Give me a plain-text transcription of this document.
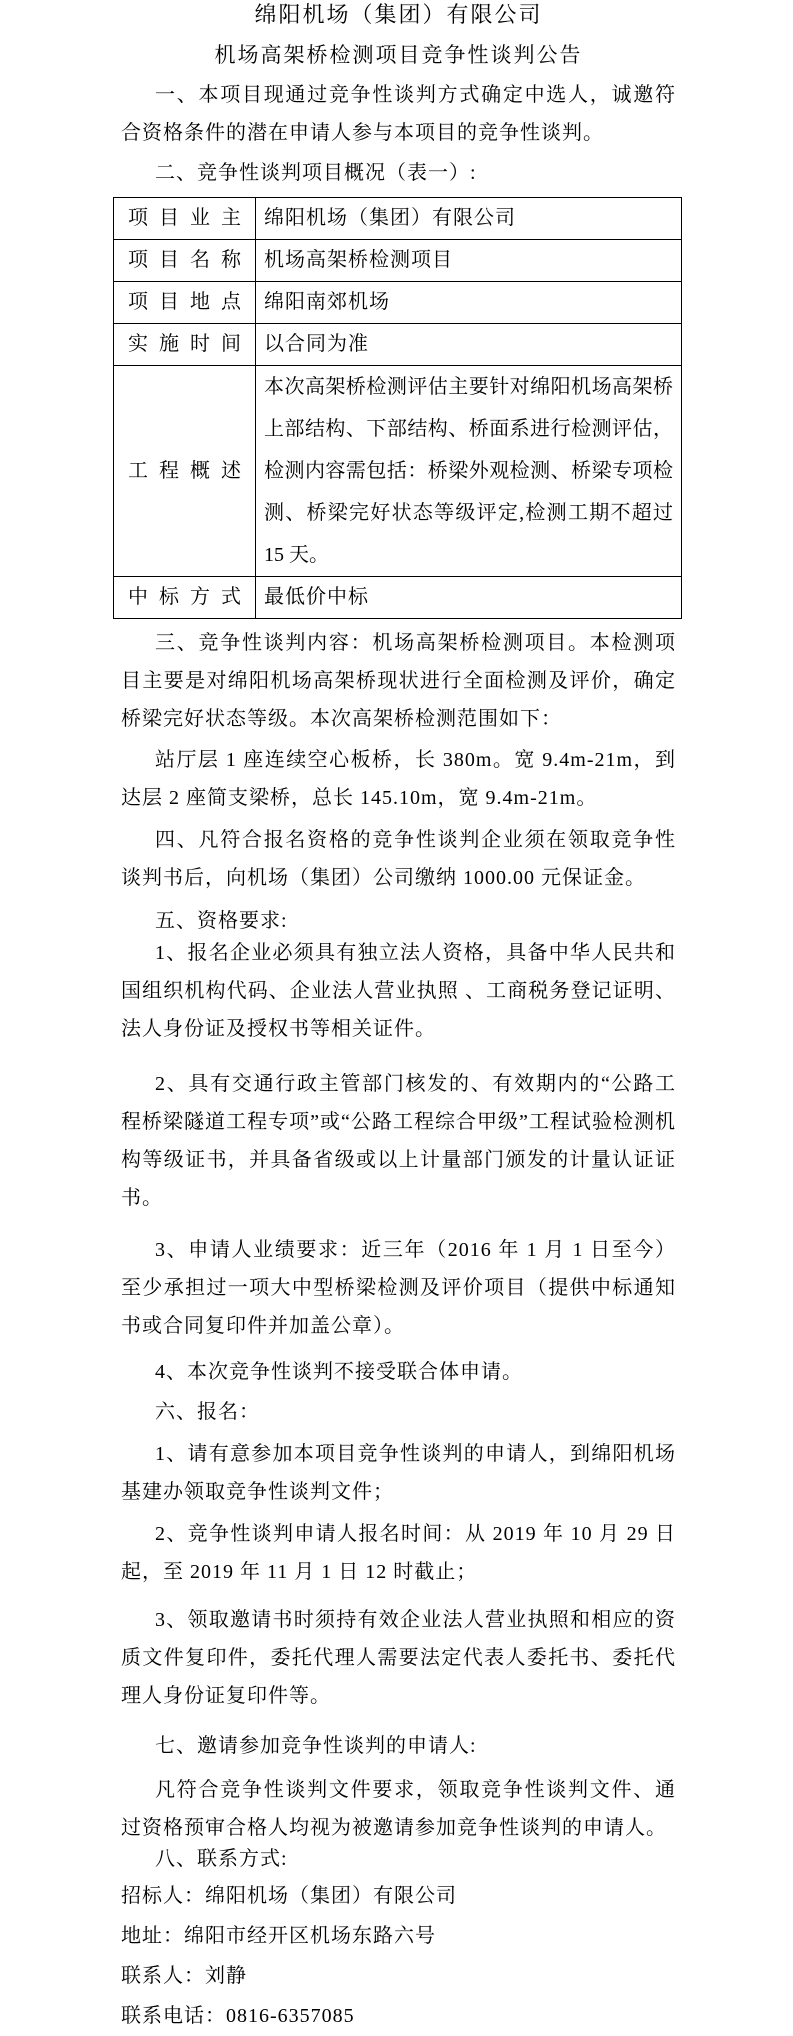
绵阳机场（集团）有限公司
机场高架桥检测项目竞争性谈判公告

一、本项目现通过竞争性谈判方式确定中选人，诚邀符合资格条件的潜在申请人参与本项目的竞争性谈判。

二、竞争性谈判项目概况（表一）:

项目业主	绵阳机场（集团）有限公司
项目名称	机场高架桥检测项目
项目地点	绵阳南郊机场
实施时间	以合同为准
工程概述	本次高架桥检测评估主要针对绵阳机场高架桥上部结构、下部结构、桥面系进行检测评估，检测内容需包括：桥梁外观检测、桥梁专项检测、桥梁完好状态等级评定,检测工期不超过 15 天。
中标方式	最低价中标

三、竞争性谈判内容：机场高架桥检测项目。本检测项目主要是对绵阳机场高架桥现状进行全面检测及评价，确定桥梁完好状态等级。本次高架桥检测范围如下：

站厅层 1 座连续空心板桥，长 380m。宽 9.4m-21m，到达层 2 座简支梁桥，总长 145.10m，宽 9.4m-21m。

四、凡符合报名资格的竞争性谈判企业须在领取竞争性谈判书后，向机场（集团）公司缴纳 1000.00 元保证金。

五、资格要求:

1、报名企业必须具有独立法人资格，具备中华人民共和国组织机构代码、企业法人营业执照 、工商税务登记证明、法人身份证及授权书等相关证件。

2、具有交通行政主管部门核发的、有效期内的“公路工程桥梁隧道工程专项”或“公路工程综合甲级”工程试验检测机构等级证书，并具备省级或以上计量部门颁发的计量认证证书。

3、申请人业绩要求：近三年（2016 年 1 月 1 日至今）至少承担过一项大中型桥梁检测及评价项目（提供中标通知书或合同复印件并加盖公章）。

4、本次竞争性谈判不接受联合体申请。

六、报名：

1、请有意参加本项目竞争性谈判的申请人，到绵阳机场基建办领取竞争性谈判文件；

2、竞争性谈判申请人报名时间：从 2019 年 10 月 29 日起，至 2019 年 11 月 1 日 12 时截止；

3、领取邀请书时须持有效企业法人营业执照和相应的资质文件复印件，委托代理人需要法定代表人委托书、委托代理人身份证复印件等。

七、邀请参加竞争性谈判的申请人:

凡符合竞争性谈判文件要求，领取竞争性谈判文件、通过资格预审合格人均视为被邀请参加竞争性谈判的申请人。

八、联系方式:

招标人：绵阳机场（集团）有限公司

地址：绵阳市经开区机场东路六号

联系人：刘静

联系电话：0816-6357085
